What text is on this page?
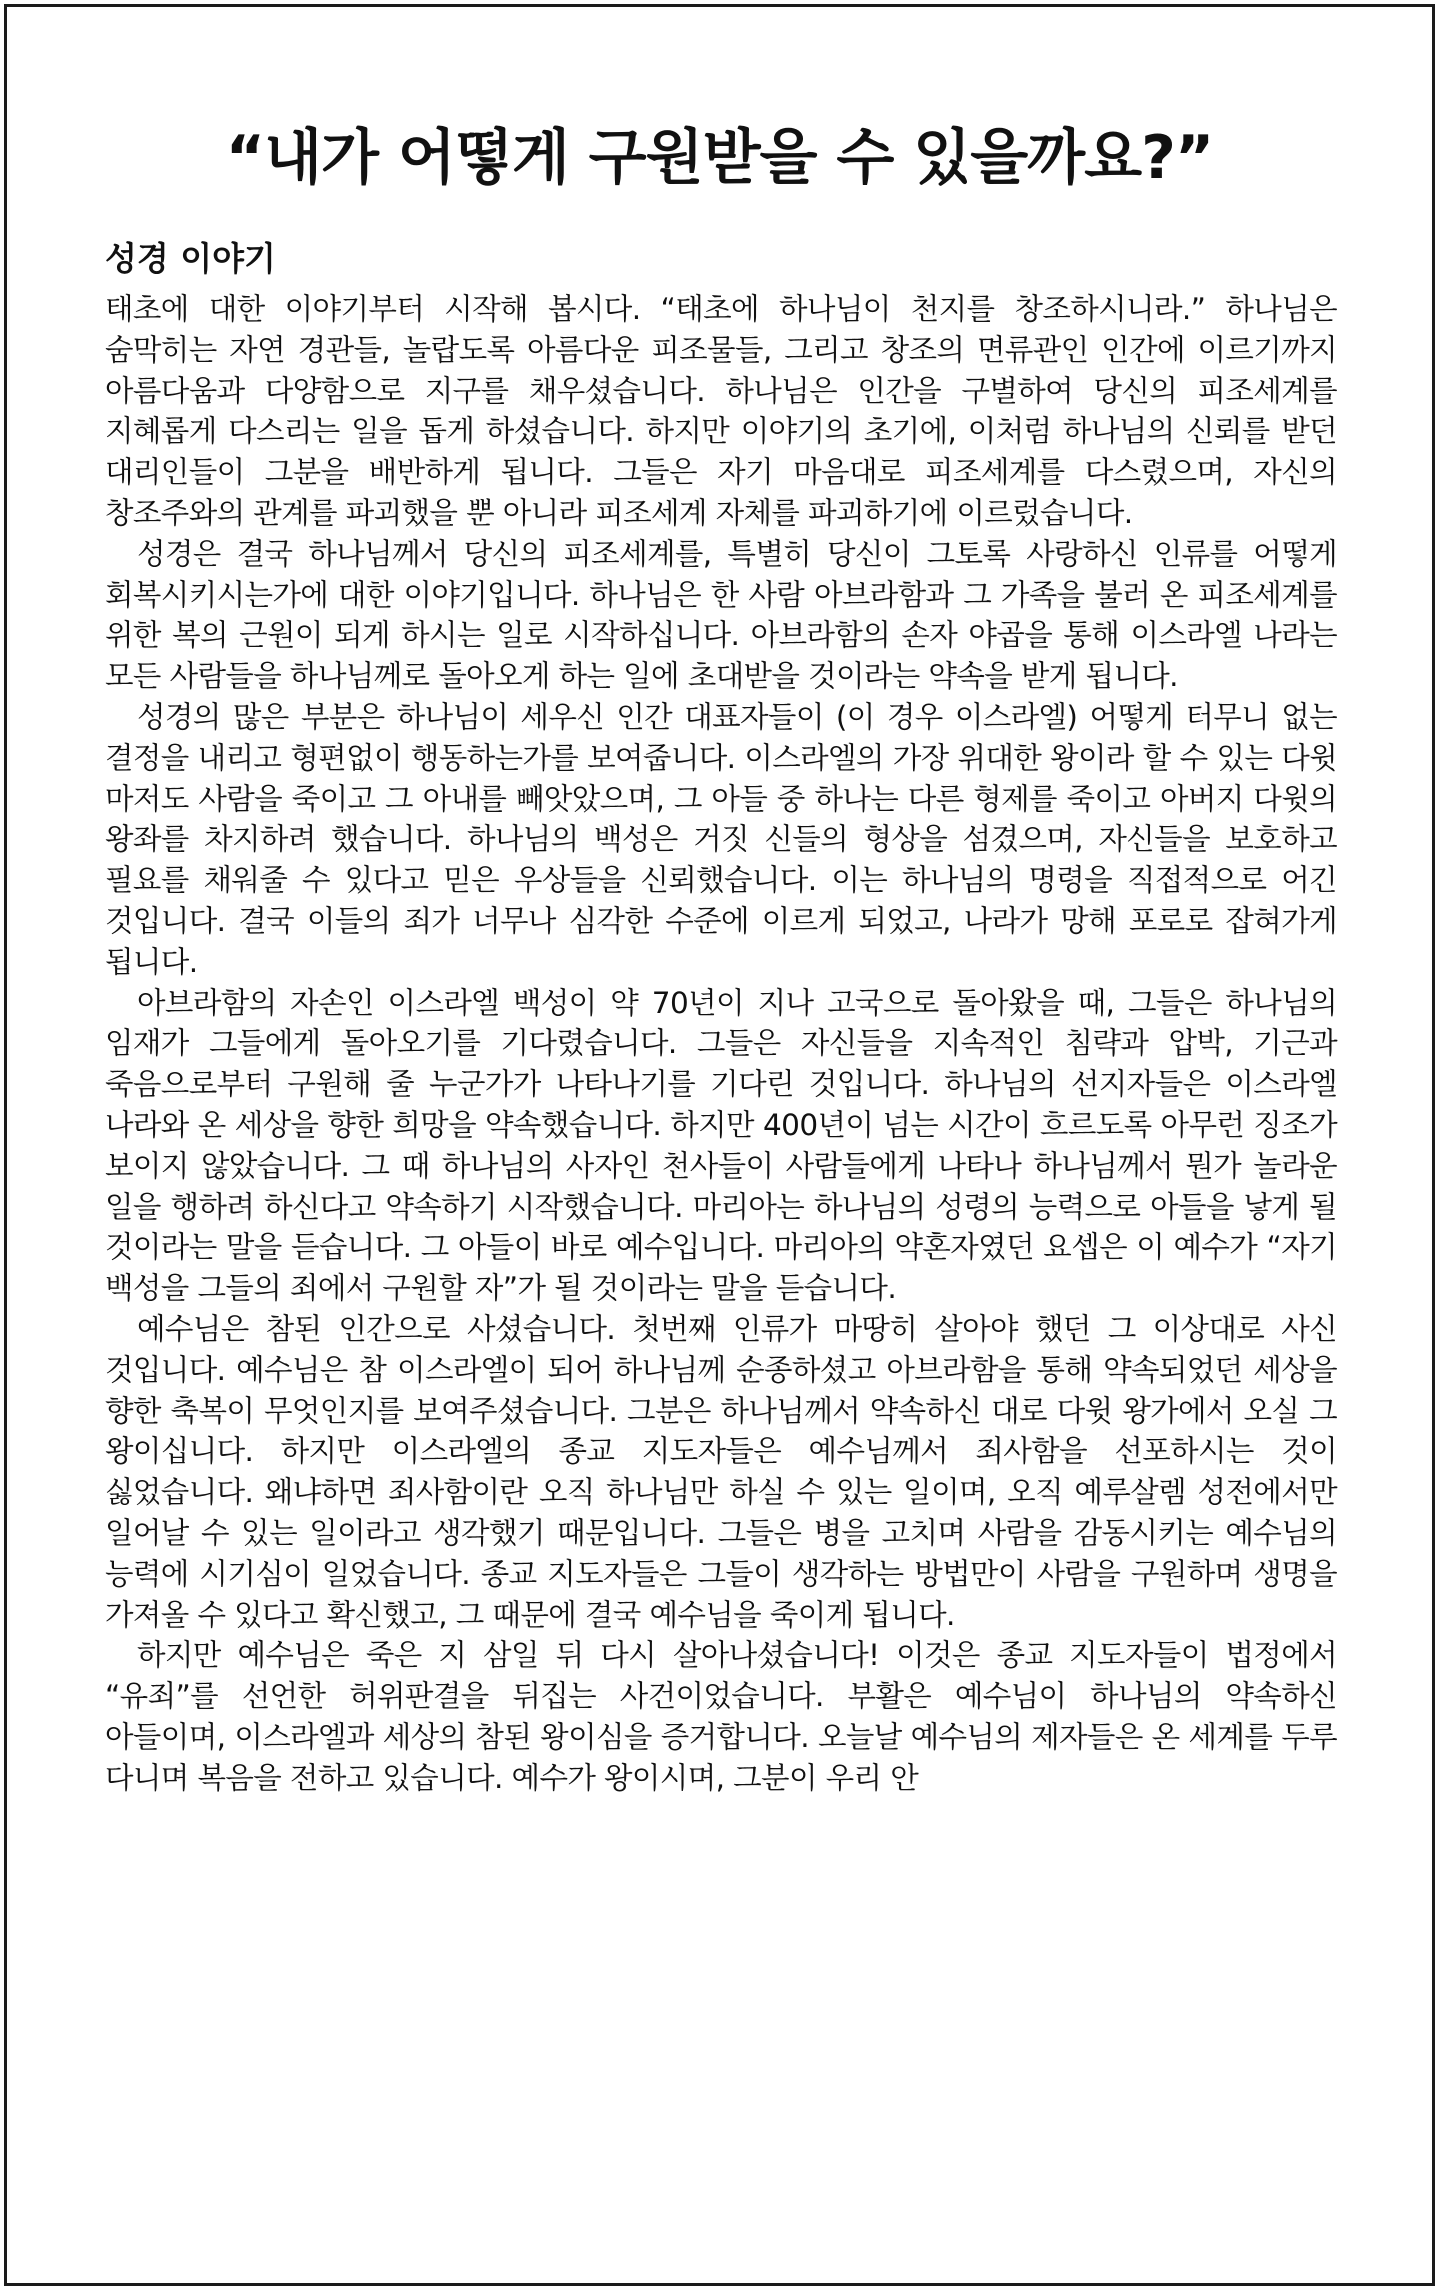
“내가 어떻게 구원받을 수 있을까요?”
성경 이야기

태초에 대한 이야기부터 시작해 봅시다. “태초에 하나님이 천지를 창조하시니라.” 하나님은 숨막히는 자연 경관들, 놀랍도록 아름다운 피조물들, 그리고 창조의 면류관인 인간에 이르기까지 아름다움과 다양함으로 지구를 채우셨습니다. 하나님은 인간을 구별하여 당신의 피조세계를 지혜롭게 다스리는 일을 돕게 하셨습니다. 하지만 이야기의 초기에, 이처럼 하나님의 신뢰를 받던 대리인들이 그분을 배반하게 됩니다. 그들은 자기 마음대로 피조세계를 다스렸으며, 자신의 창조주와의 관계를 파괴했을 뿐 아니라 피조세계 자체를 파괴하기에 이르렀습니다.

성경은 결국 하나님께서 당신의 피조세계를, 특별히 당신이 그토록 사랑하신 인류를 어떻게 회복시키시는가에 대한 이야기입니다. 하나님은 한 사람 아브라함과 그 가족을 불러 온 피조세계를 위한 복의 근원이 되게 하시는 일로 시작하십니다. 아브라함의 손자 야곱을 통해 이스라엘 나라는 모든 사람들을 하나님께로 돌아오게 하는 일에 초대받을 것이라는 약속을 받게 됩니다.

성경의 많은 부분은 하나님이 세우신 인간 대표자들이 (이 경우 이스라엘) 어떻게 터무니 없는 결정을 내리고 형편없이 행동하는가를 보여줍니다. 이스라엘의 가장 위대한 왕이라 할 수 있는 다윗 마저도 사람을 죽이고 그 아내를 빼앗았으며, 그 아들 중 하나는 다른 형제를 죽이고 아버지 다윗의 왕좌를 차지하려 했습니다. 하나님의 백성은 거짓 신들의 형상을 섬겼으며, 자신들을 보호하고 필요를 채워줄 수 있다고 믿은 우상들을 신뢰했습니다. 이는 하나님의 명령을 직접적으로 어긴 것입니다. 결국 이들의 죄가 너무나 심각한 수준에 이르게 되었고, 나라가 망해 포로로 잡혀가게 됩니다.

아브라함의 자손인 이스라엘 백성이 약 70년이 지나 고국으로 돌아왔을 때, 그들은 하나님의 임재가 그들에게 돌아오기를 기다렸습니다. 그들은 자신들을 지속적인 침략과 압박, 기근과 죽음으로부터 구원해 줄 누군가가 나타나기를 기다린 것입니다. 하나님의 선지자들은 이스라엘 나라와 온 세상을 향한 희망을 약속했습니다. 하지만 400년이 넘는 시간이 흐르도록 아무런 징조가 보이지 않았습니다. 그 때 하나님의 사자인 천사들이 사람들에게 나타나 하나님께서 뭔가 놀라운 일을 행하려 하신다고 약속하기 시작했습니다. 마리아는 하나님의 성령의 능력으로 아들을 낳게 될 것이라는 말을 듣습니다. 그 아들이 바로 예수입니다. 마리아의 약혼자였던 요셉은 이 예수가 “자기 백성을 그들의 죄에서 구원할 자”가 될 것이라는 말을 듣습니다.

예수님은 참된 인간으로 사셨습니다. 첫번째 인류가 마땅히 살아야 했던 그 이상대로 사신 것입니다. 예수님은 참 이스라엘이 되어 하나님께 순종하셨고 아브라함을 통해 약속되었던 세상을 향한 축복이 무엇인지를 보여주셨습니다. 그분은 하나님께서 약속하신 대로 다윗 왕가에서 오실 그 왕이십니다. 하지만 이스라엘의 종교 지도자들은 예수님께서 죄사함을 선포하시는 것이 싫었습니다. 왜냐하면 죄사함이란 오직 하나님만 하실 수 있는 일이며, 오직 예루살렘 성전에서만 일어날 수 있는 일이라고 생각했기 때문입니다. 그들은 병을 고치며 사람을 감동시키는 예수님의 능력에 시기심이 일었습니다. 종교 지도자들은 그들이 생각하는 방법만이 사람을 구원하며 생명을 가져올 수 있다고 확신했고, 그 때문에 결국 예수님을 죽이게 됩니다.

하지만 예수님은 죽은 지 삼일 뒤 다시 살아나셨습니다! 이것은 종교 지도자들이 법정에서 “유죄”를 선언한 허위판결을 뒤집는 사건이었습니다. 부활은 예수님이 하나님의 약속하신 아들이며, 이스라엘과 세상의 참된 왕이심을 증거합니다. 오늘날 예수님의 제자들은 온 세계를 두루 다니며 복음을 전하고 있습니다. 예수가 왕이시며, 그분이 우리 안
